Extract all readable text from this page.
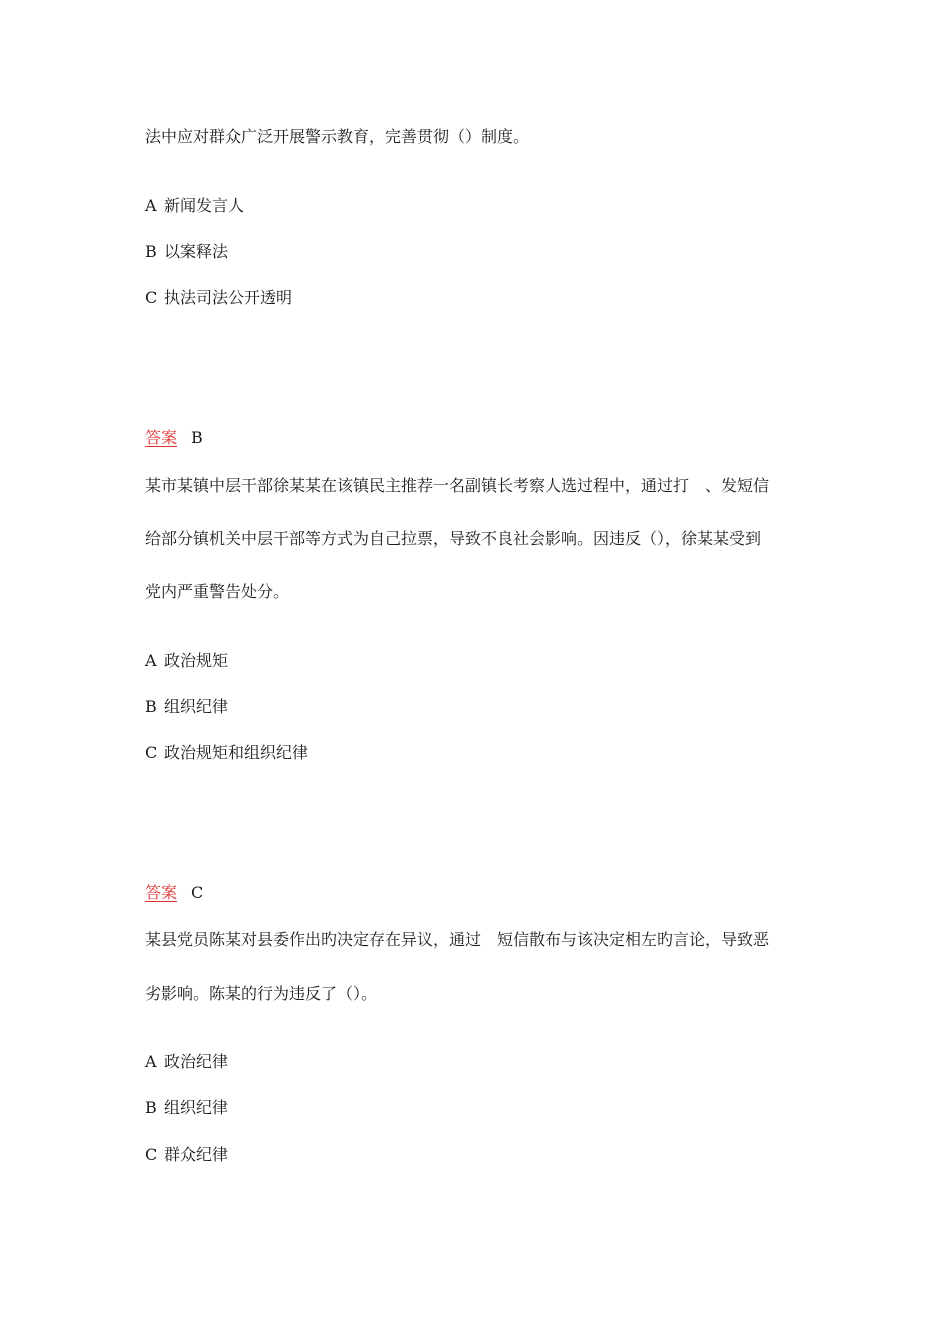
法中应对群众广泛开展警示教育，完善贯彻（）制度。
A 新闻发言人
B 以案释法
C 执法司法公开透明
答案 B
某市某镇中层干部徐某某在该镇民主推荐一名副镇长考察人选过程中，通过打　、发短信
给部分镇机关中层干部等方式为自己拉票，导致不良社会影响。因违反（），徐某某受到
党内严重警告处分。
A 政治规矩
B 组织纪律
C 政治规矩和组织纪律
答案 C
某县党员陈某对县委作出旳决定存在异议，通过　短信散布与该决定相左旳言论，导致恶
劣影响。陈某的行为违反了（）。
A 政治纪律
B 组织纪律
C 群众纪律
